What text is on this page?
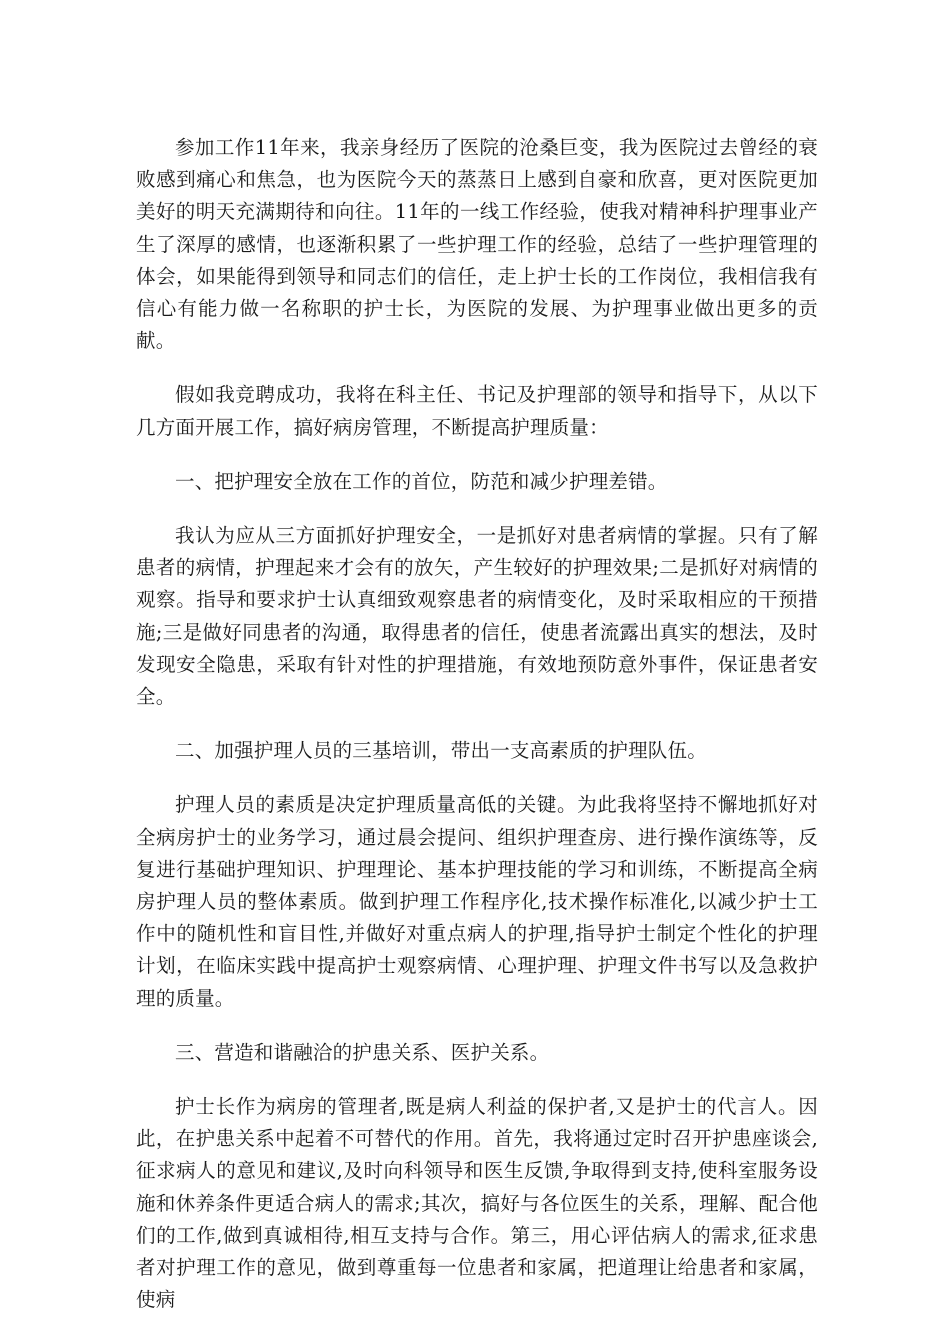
参加工作11年来，我亲身经历了医院的沧桑巨变，我为医院过去曾经的衰败感到痛心和焦急，也为医院今天的蒸蒸日上感到自豪和欣喜，更对医院更加美好的明天充满期待和向往。11年的一线工作经验，使我对精神科护理事业产生了深厚的感情，也逐渐积累了一些护理工作的经验，总结了一些护理管理的体会，如果能得到领导和同志们的信任，走上护士长的工作岗位，我相信我有信心有能力做一名称职的护士长，为医院的发展、为护理事业做出更多的贡献。

假如我竞聘成功，我将在科主任、书记及护理部的领导和指导下，从以下几方面开展工作，搞好病房管理，不断提高护理质量：

一、把护理安全放在工作的首位，防范和减少护理差错。

我认为应从三方面抓好护理安全，一是抓好对患者病情的掌握。只有了解患者的病情，护理起来才会有的放矢，产生较好的护理效果;二是抓好对病情的观察。指导和要求护士认真细致观察患者的病情变化，及时采取相应的干预措施;三是做好同患者的沟通，取得患者的信任，使患者流露出真实的想法，及时发现安全隐患，采取有针对性的护理措施，有效地预防意外事件，保证患者安全。

二、加强护理人员的三基培训，带出一支高素质的护理队伍。

护理人员的素质是决定护理质量高低的关键。为此我将坚持不懈地抓好对全病房护士的业务学习，通过晨会提问、组织护理查房、进行操作演练等，反复进行基础护理知识、护理理论、基本护理技能的学习和训练，不断提高全病房护理人员的整体素质。做到护理工作程序化,技术操作标准化,以减少护士工作中的随机性和盲目性,并做好对重点病人的护理,指导护士制定个性化的护理计划，在临床实践中提高护士观察病情、心理护理、护理文件书写以及急救护理的质量。

三、营造和谐融洽的护患关系、医护关系。

护士长作为病房的管理者,既是病人利益的保护者,又是护士的代言人。因此，在护患关系中起着不可替代的作用。首先，我将通过定时召开护患座谈会,征求病人的意见和建议,及时向科领导和医生反馈,争取得到支持,使科室服务设施和休养条件更适合病人的需求;其次，搞好与各位医生的关系，理解、配合他们的工作,做到真诚相待,相互支持与合作。第三，用心评估病人的需求,征求患者对护理工作的意见，做到尊重每一位患者和家属，把道理让给患者和家属，使病
